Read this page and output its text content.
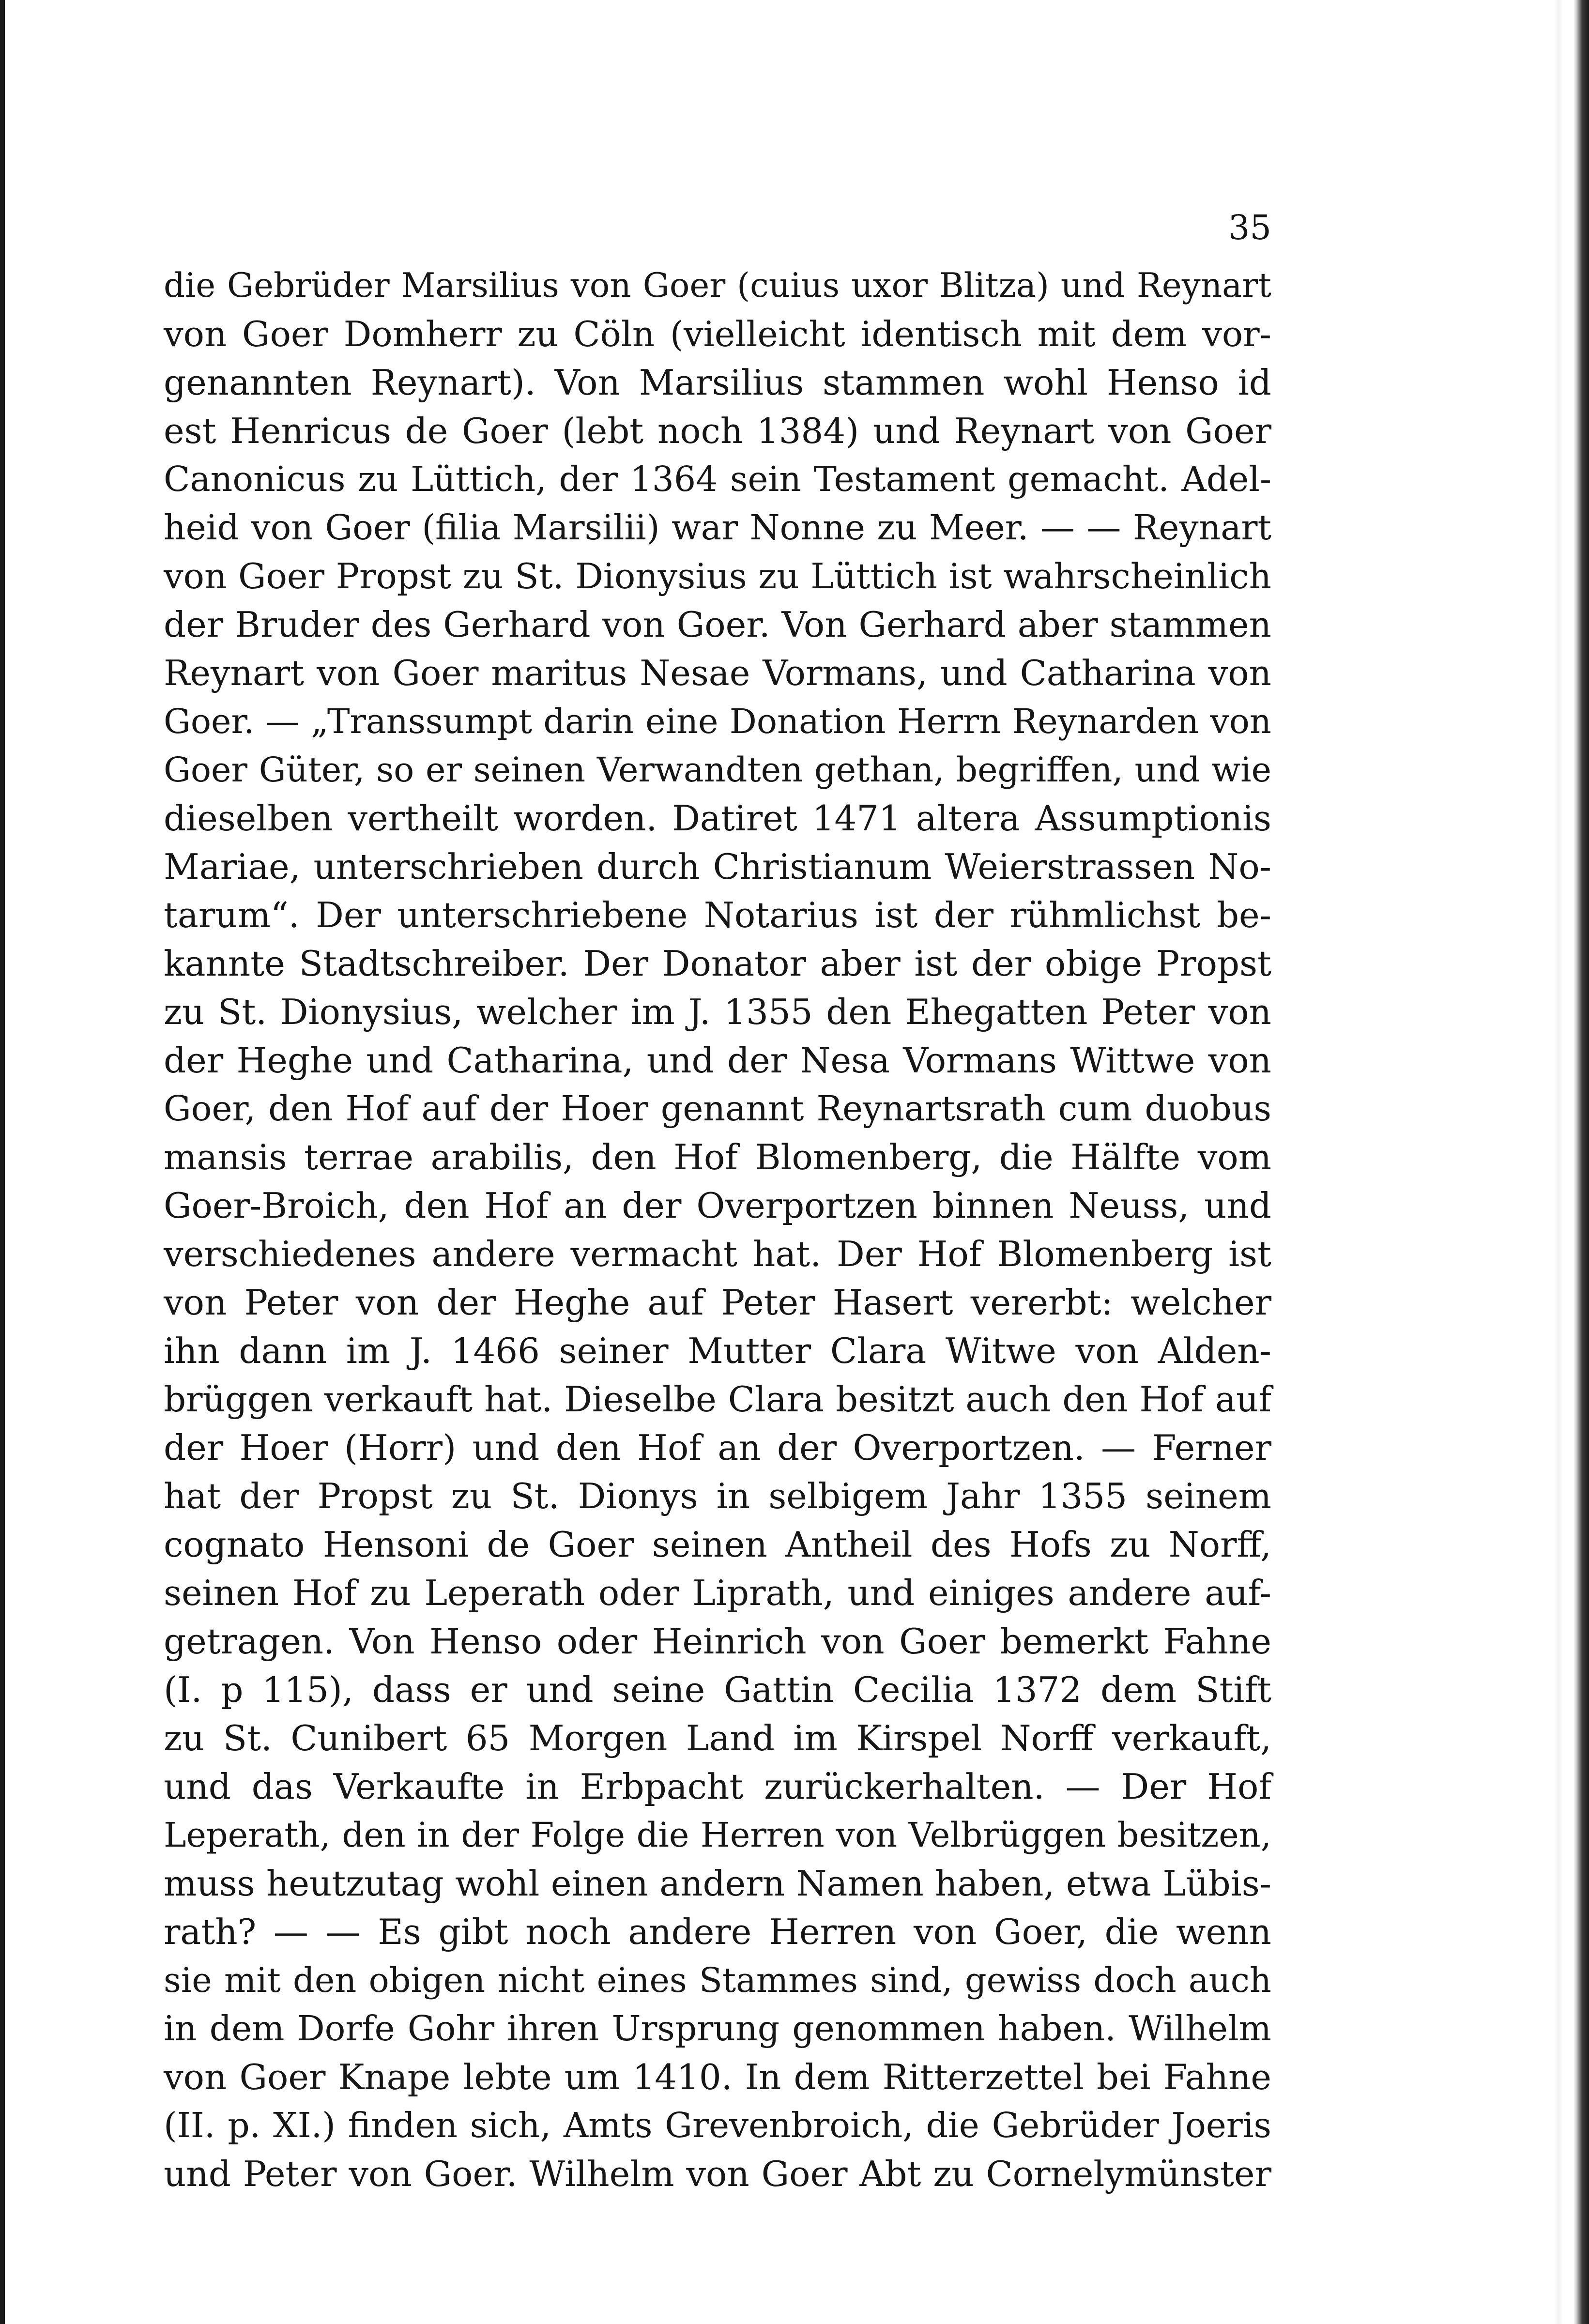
35
die Gebrüder Marsilius von Goer (cuius uxor Blitza) und Reynart
von Goer Domherr zu Cöln (vielleicht identisch mit dem vor-
genannten Reynart). Von Marsilius stammen wohl Henso id
est Henricus de Goer (lebt noch 1384) und Reynart von Goer
Canonicus zu Lüttich, der 1364 sein Testament gemacht. Adel-
heid von Goer (filia Marsilii) war Nonne zu Meer. — — Reynart
von Goer Propst zu St. Dionysius zu Lüttich ist wahrscheinlich
der Bruder des Gerhard von Goer. Von Gerhard aber stammen
Reynart von Goer maritus Nesae Vormans, und Catharina von
Goer. — „Transsumpt darin eine Donation Herrn Reynarden von
Goer Güter, so er seinen Verwandten gethan, begriffen, und wie
dieselben vertheilt worden. Datiret 1471 altera Assumptionis
Mariae, unterschrieben durch Christianum Weierstrassen No-
tarum“. Der unterschriebene Notarius ist der rühmlichst be-
kannte Stadtschreiber. Der Donator aber ist der obige Propst
zu St. Dionysius, welcher im J. 1355 den Ehegatten Peter von
der Heghe und Catharina, und der Nesa Vormans Wittwe von
Goer, den Hof auf der Hoer genannt Reynartsrath cum duobus
mansis terrae arabilis, den Hof Blomenberg, die Hälfte vom
Goer-Broich, den Hof an der Overportzen binnen Neuss, und
verschiedenes andere vermacht hat. Der Hof Blomenberg ist
von Peter von der Heghe auf Peter Hasert vererbt: welcher
ihn dann im J. 1466 seiner Mutter Clara Witwe von Alden-
brüggen verkauft hat. Dieselbe Clara besitzt auch den Hof auf
der Hoer (Horr) und den Hof an der Overportzen. — Ferner
hat der Propst zu St. Dionys in selbigem Jahr 1355 seinem
cognato Hensoni de Goer seinen Antheil des Hofs zu Norff,
seinen Hof zu Leperath oder Liprath, und einiges andere auf-
getragen. Von Henso oder Heinrich von Goer bemerkt Fahne
(I. p 115), dass er und seine Gattin Cecilia 1372 dem Stift
zu St. Cunibert 65 Morgen Land im Kirspel Norff verkauft,
und das Verkaufte in Erbpacht zurückerhalten. — Der Hof
Leperath, den in der Folge die Herren von Velbrüggen besitzen,
muss heutzutag wohl einen andern Namen haben, etwa Lübis-
rath? — — Es gibt noch andere Herren von Goer, die wenn
sie mit den obigen nicht eines Stammes sind, gewiss doch auch
in dem Dorfe Gohr ihren Ursprung genommen haben. Wilhelm
von Goer Knape lebte um 1410. In dem Ritterzettel bei Fahne
(II. p. XI.) finden sich, Amts Grevenbroich, die Gebrüder Joeris
und Peter von Goer. Wilhelm von Goer Abt zu Cornelymünster
